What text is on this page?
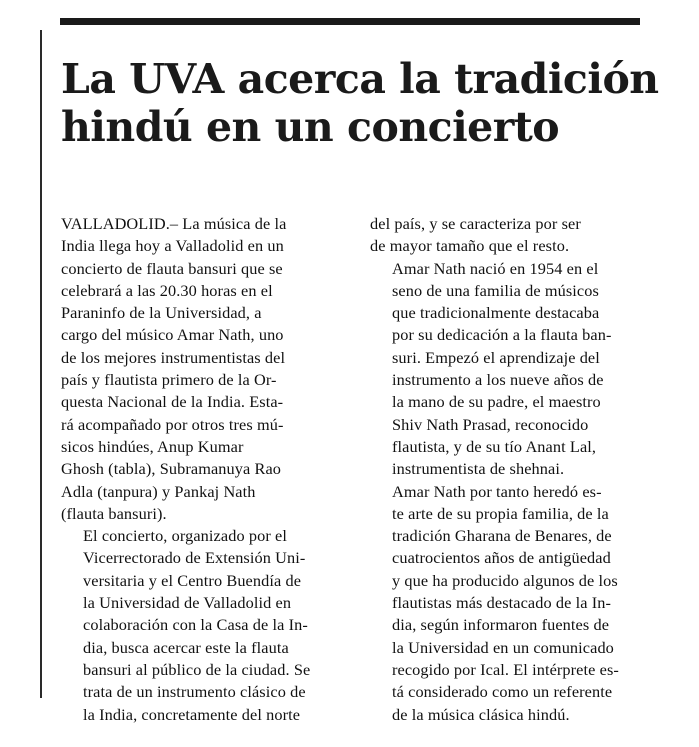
La UVA acerca la tradición
hindú en un concierto

VALLADOLID.– La música de la
India llega hoy a Valladolid en un
concierto de flauta bansuri que se
celebrará a las 20.30 horas en el
Paraninfo de la Universidad, a
cargo del músico Amar Nath, uno
de los mejores instrumentistas del
país y flautista primero de la Or-
questa Nacional de la India. Esta-
rá acompañado por otros tres mú-
sicos hindúes, Anup Kumar
Ghosh (tabla), Subramanuya Rao
Adla (tanpura) y Pankaj Nath
(flauta bansuri).

El concierto, organizado por el
Vicerrectorado de Extensión Uni-
versitaria y el Centro Buendía de
la Universidad de Valladolid en
colaboración con la Casa de la In-
dia, busca acercar este la flauta
bansuri al público de la ciudad. Se
trata de un instrumento clásico de
la India, concretamente del norte

del país, y se caracteriza por ser
de mayor tamaño que el resto.

Amar Nath nació en 1954 en el
seno de una familia de músicos
que tradicionalmente destacaba
por su dedicación a la flauta ban-
suri. Empezó el aprendizaje del
instrumento a los nueve años de
la mano de su padre, el maestro
Shiv Nath Prasad, reconocido
flautista, y de su tío Anant Lal,
instrumentista de shehnai.

Amar Nath por tanto heredó es-
te arte de su propia familia, de la
tradición Gharana de Benares, de
cuatrocientos años de antigüedad
y que ha producido algunos de los
flautistas más destacado de la In-
dia, según informaron fuentes de
la Universidad en un comunicado
recogido por Ical. El intérprete es-
tá considerado como un referente
de la música clásica hindú.
